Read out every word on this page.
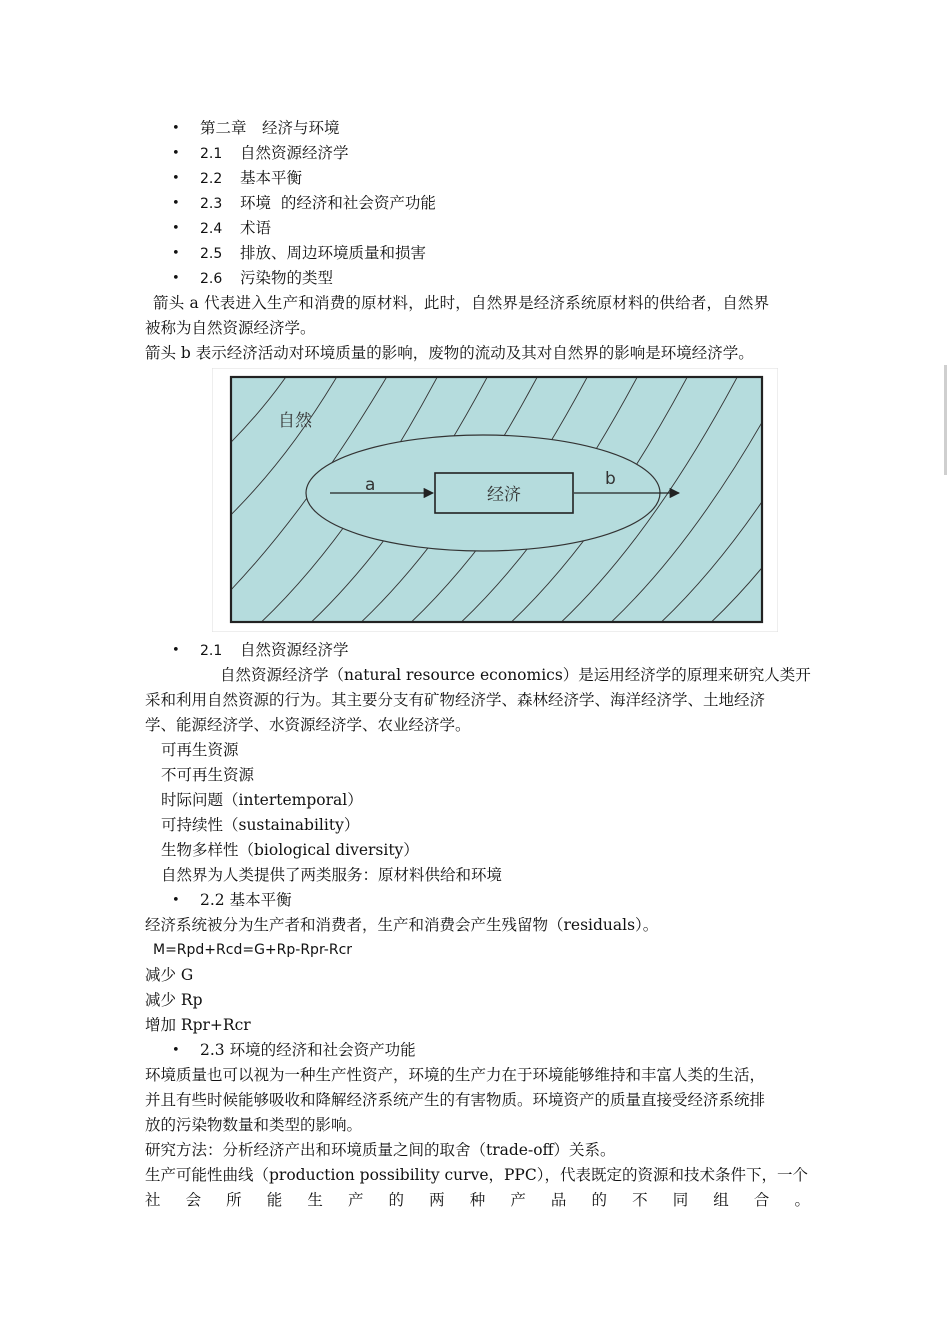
• 第二章　经济与环境
• 2.1 自然资源经济学
• 2.2 基本平衡
• 2.3 环境  的经济和社会资产功能
• 2.4 术语
• 2.5 排放、周边环境质量和损害
• 2.6 污染物的类型
箭头 a 代表进入生产和消费的原材料，此时，自然界是经济系统原材料的供给者，自然界
被称为自然资源经济学。
箭头 b 表示经济活动对环境质量的影响，废物的流动及其对自然界的影响是环境经济学。
自然
经济
a	b
• 2.1 自然资源经济学
自然资源经济学（natural resource economics）是运用经济学的原理来研究人类开
采和利用自然资源的行为。其主要分支有矿物经济学、森林经济学、海洋经济学、土地经济
学、能源经济学、水资源经济学、农业经济学。
可再生资源
不可再生资源
时际问题（intertemporal）
可持续性（sustainability）
生物多样性（biological diversity）
自然界为人类提供了两类服务：原材料供给和环境
• 2.2 基本平衡
经济系统被分为生产者和消费者，生产和消费会产生残留物（residuals）。
M=Rpd+Rcd=G+Rp-Rpr-Rcr
减少 G
减少 Rp
增加 Rpr+Rcr
• 2.3 环境的经济和社会资产功能
环境质量也可以视为一种生产性资产，环境的生产力在于环境能够维持和丰富人类的生活，
并且有些时候能够吸收和降解经济系统产生的有害物质。环境资产的质量直接受经济系统排
放的污染物数量和类型的影响。
研究方法：分析经济产出和环境质量之间的取舍（trade-off）关系。
生产可能性曲线（production possibility curve，PPC），代表既定的资源和技术条件下，一个
社会所能生产的两种产品的不同组合。
